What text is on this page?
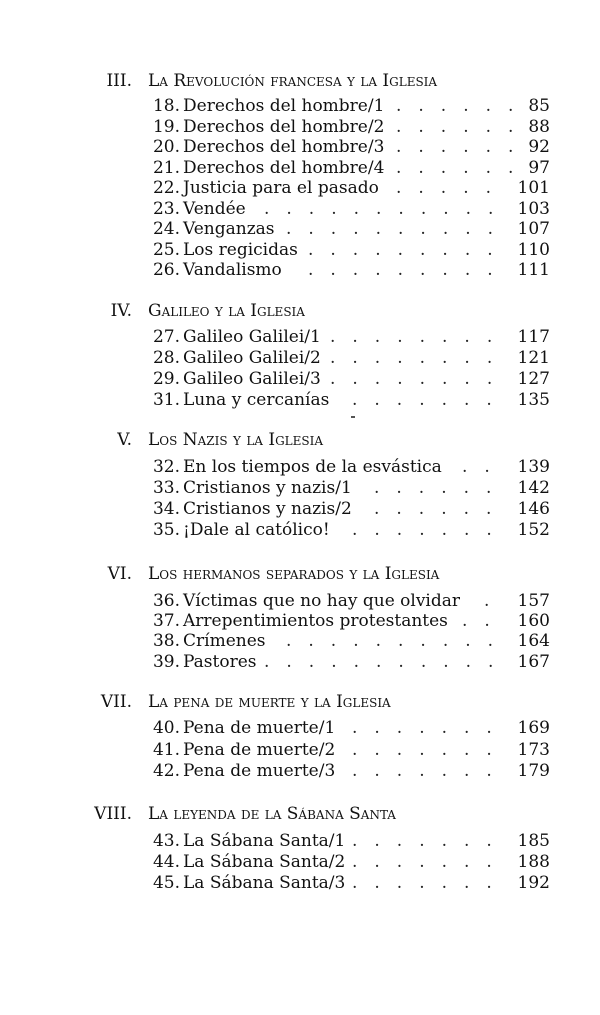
III. La Revolución francesa y la Iglesia
18. Derechos del hombre/1 ......
85
19. Derechos del hombre/2 ......
88
20. Derechos del hombre/3 ......
92
21. Derechos del hombre/4 ......
97
22. Justicia para el pasado ..... 101
23. Vendée ........... 103
24. Venganzas .......... 107
25. Los regicidas ......... 110
26. Vandalismo ......... 111
IV. Galileo y la Iglesia
27. Galileo Galilei/1 ........ 117
28. Galileo Galilei/2 ........ 121
29. Galileo Galilei/3 ........ 127
31. Luna y cercanías ....... 135
V. Los Nazis y la Iglesia
32. En los tiempos de la esvástica .. 139
33. Cristianos y nazis/1 ...... 142
34. Cristianos y nazis/2 ...... 146
35. ¡Dale al católico! ....... 152
VI. Los hermanos separados y la Iglesia
36. Víctimas que no hay que olvidar . 157
37. Arrepentimientos protestantes .. 160
38. Crímenes .......... 164
39. Pastores ........... 167
VII. La pena de muerte y la Iglesia
40. Pena de muerte/1 ....... 169
41. Pena de muerte/2 ....... 173
42. Pena de muerte/3 ....... 179
VIII. La leyenda de la Sábana Santa
43. La Sábana Santa/1 ....... 185
44. La Sábana Santa/2 ....... 188
45. La Sábana Santa/3 ....... 192
